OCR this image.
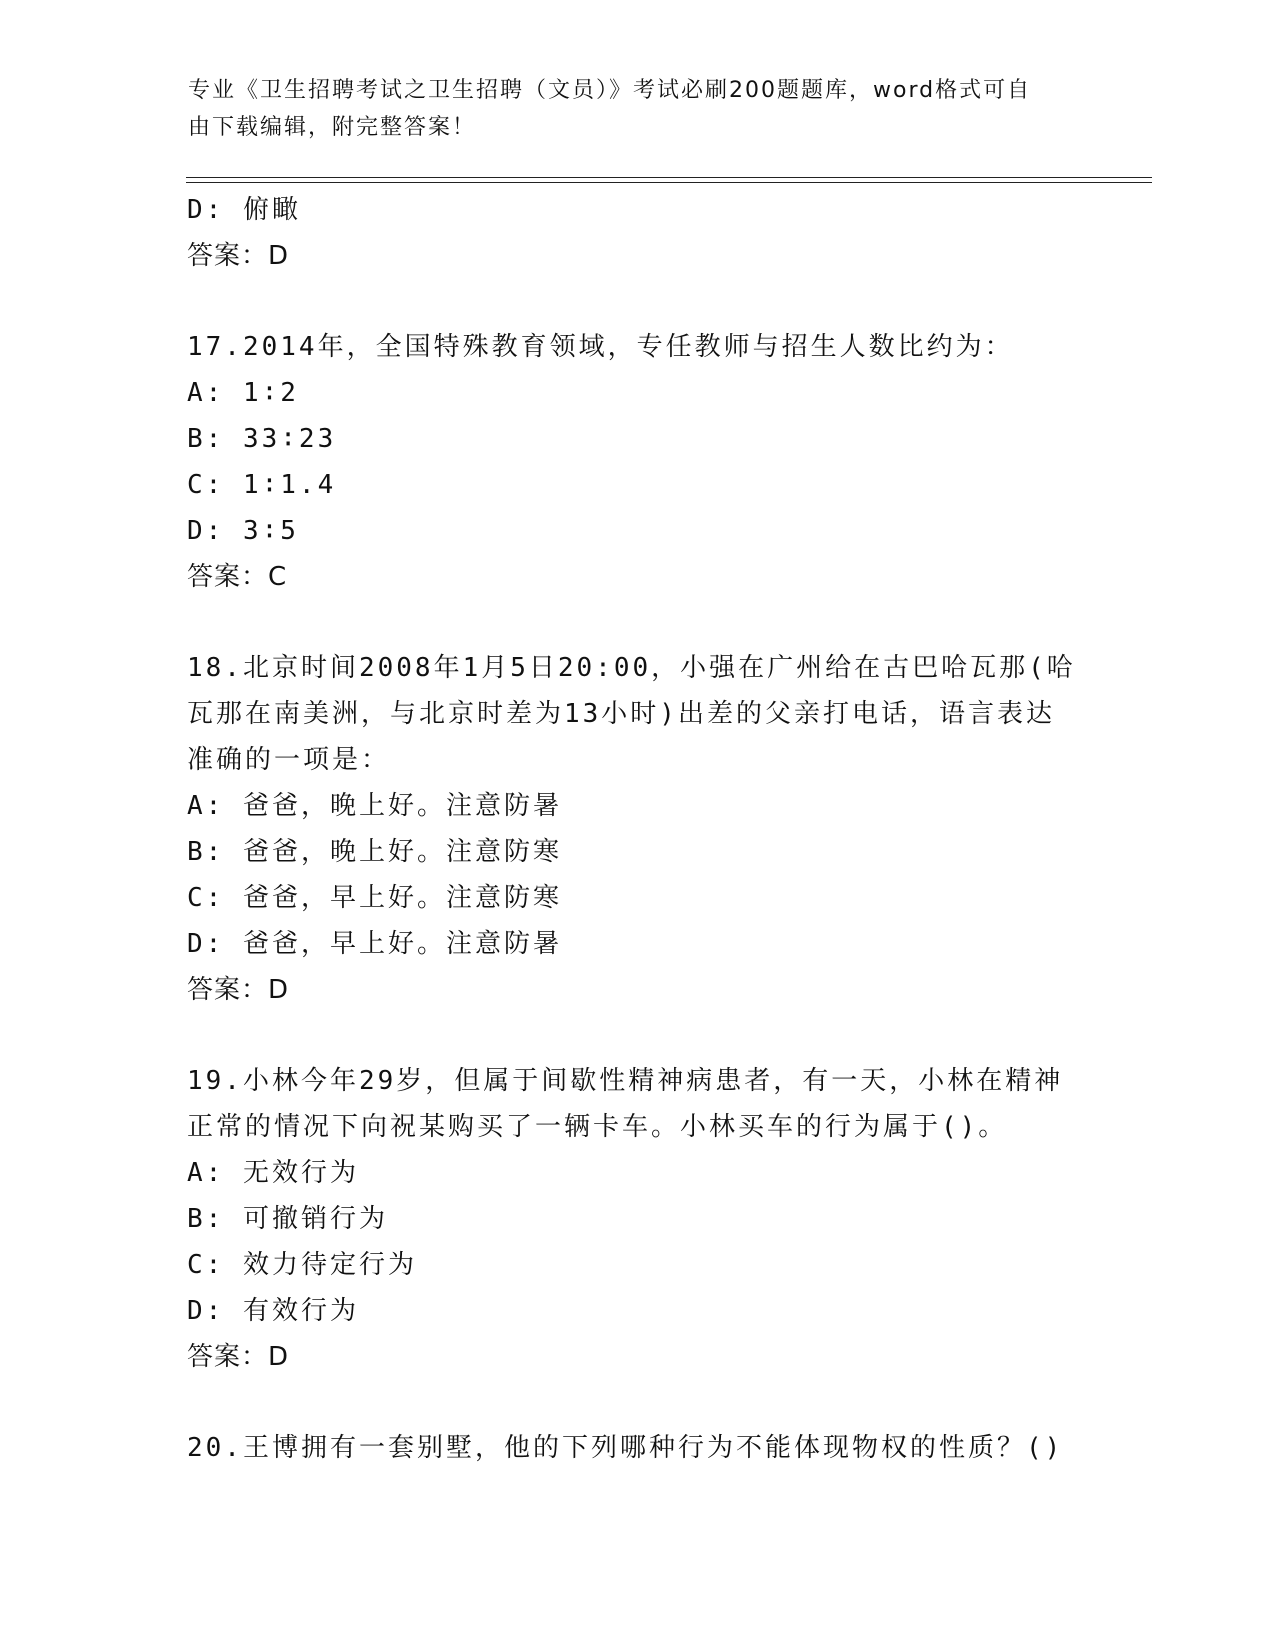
专业《卫生招聘考试之卫生招聘（文员）》考试必刷200题题库，word格式可自
由下载编辑，附完整答案！
D: 俯瞰
答案：D
17.2014年，全国特殊教育领域，专任教师与招生人数比约为：
A: 1∶2
B: 33∶23
C: 1∶1.4
D: 3∶5
答案：C
18.北京时间2008年1月5日20:00，小强在广州给在古巴哈瓦那(哈
瓦那在南美洲，与北京时差为13小时)出差的父亲打电话，语言表达
准确的一项是：
A: 爸爸，晚上好。注意防暑
B: 爸爸，晚上好。注意防寒
C: 爸爸，早上好。注意防寒
D: 爸爸，早上好。注意防暑
答案：D
19.小林今年29岁，但属于间歇性精神病患者，有一天，小林在精神
正常的情况下向祝某购买了一辆卡车。小林买车的行为属于()。
A: 无效行为
B: 可撤销行为
C: 效力待定行为
D: 有效行为
答案：D
20.王博拥有一套别墅，他的下列哪种行为不能体现物权的性质？()
